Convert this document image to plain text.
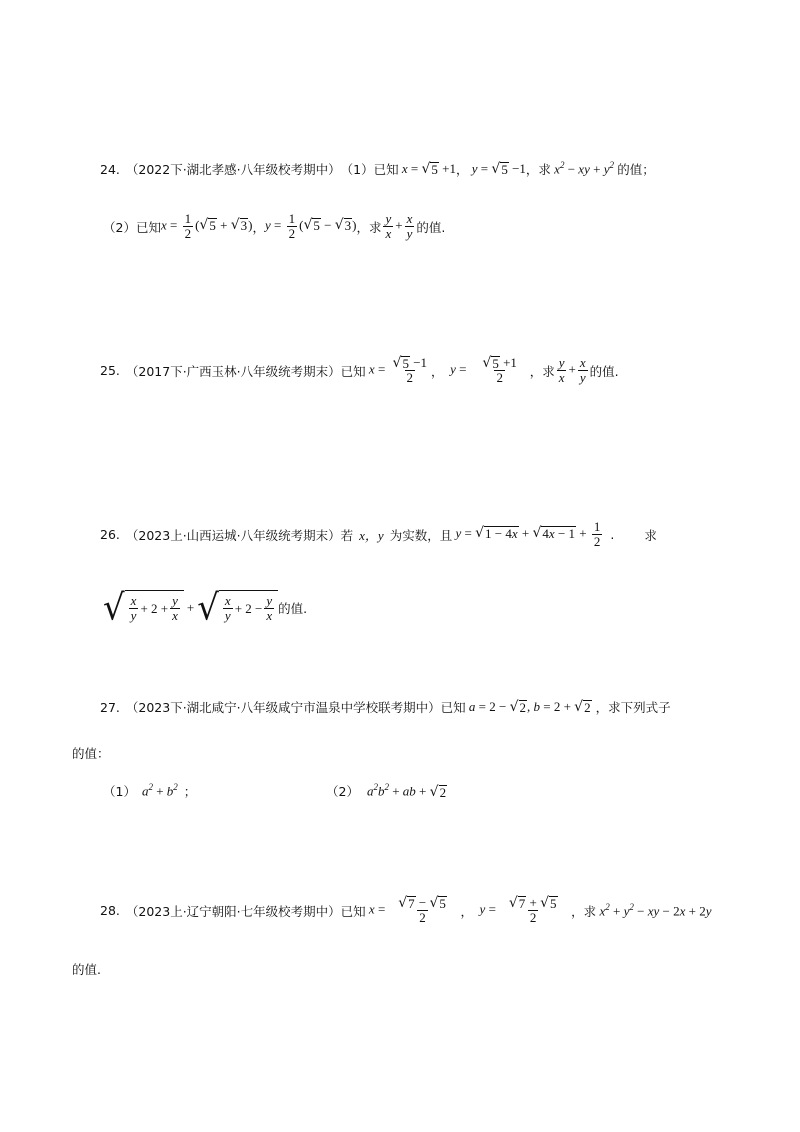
24. （2022下·湖北孝感·八年级校考期中） （1）已知 x = √ 5 +1 ， y = √ 5 −1 ，求 $x^2$ − xy + $y^2$ 的值；
（2）已知 $x = \frac{1}{2}$ ( √ 5 + √ 3 ) ， $y = \frac{1}{2}$ ( √ 5 − √ 3 ) ，求 $\frac{y}{x} + \frac{x}{y}$ 的值.
25. （2017下·广西玉林·八年级统考期末）已知 $x = \frac{√ 5 -1}{2}$ ， $y = \frac{√ 5 +1}{2}$ ，求 $\frac{y}{x} + \frac{x}{y}$ 的值.
26. （2023上·山西运城·八年级统考期末）若 x，y 为实数，且 y = √ 1 − 4x + √ $4x - 1 + \frac{1}{2}$ . 求
√ $\frac{x}{y} + 2 + \frac{y}{x}$ + √ $\frac{x}{y} + 2 - \frac{y}{x}$ 的值.
27. （2023下·湖北咸宁·八年级咸宁市温泉中学校联考期中）已知 a = 2 − √ 2 , b = 2 + √ 2 ，求下列式子
的值：
（1） $a^2 + b^2$ ；	（2） $a^2b^2$ + ab + √ 2
28. （2023上·辽宁朝阳·七年级校考期中）已知 $x = \frac{√ 7 - √ 5}{2}$ ， $y = \frac{√ 7 + √ 5}{2}$ ，求 $x^2 + y^2$ − xy − 2x + 2y
的值.
